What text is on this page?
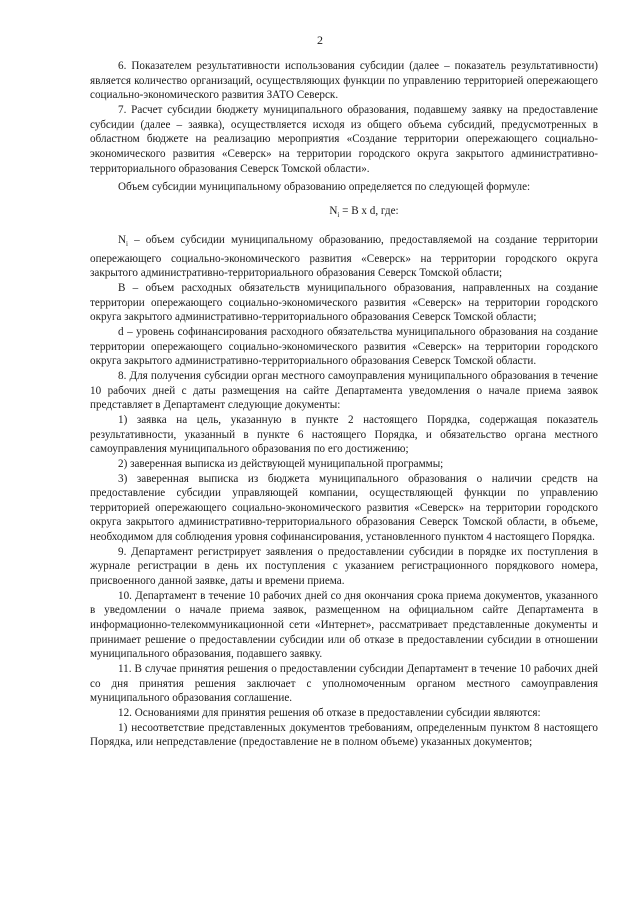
2

6. Показателем результативности использования субсидии (далее – показатель результативности) является количество организаций, осуществляющих функции по управлению территорией опережающего социально-экономического развития ЗАТО Северск.

7. Расчет субсидии бюджету муниципального образования, подавшему заявку на предоставление субсидии (далее – заявка), осуществляется исходя из общего объема субсидий, предусмотренных в областном бюджете на реализацию мероприятия «Создание территории опережающего социально-экономического развития «Северск» на территории городского округа закрытого административно-территориального образования Северск Томской области».

Объем субсидии муниципальному образованию определяется по следующей формуле:

$N_i = B$ x d, где:

$N_i$ – объем субсидии муниципальному образованию, предоставляемой на создание территории опережающего социально-экономического развития «Северск» на территории городского округа закрытого административно-территориального образования Северск Томской области;

B – объем расходных обязательств муниципального образования, направленных на создание территории опережающего социально-экономического развития «Северск» на территории городского округа закрытого административно-территориального образования Северск Томской области;

d – уровень софинансирования расходного обязательства муниципального образования на создание территории опережающего социально-экономического развития «Северск» на территории городского округа закрытого административно-территориального образования Северск Томской области.

8. Для получения субсидии орган местного самоуправления муниципального образования в течение 10 рабочих дней с даты размещения на сайте Департамента уведомления о начале приема заявок представляет в Департамент следующие документы:

1) заявка на цель, указанную в пункте 2 настоящего Порядка, содержащая показатель результативности, указанный в пункте 6 настоящего Порядка, и обязательство органа местного самоуправления муниципального образования по его достижению;

2) заверенная выписка из действующей муниципальной программы;

3) заверенная выписка из бюджета муниципального образования о наличии средств на предоставление субсидии управляющей компании, осуществляющей функции по управлению территорией опережающего социально-экономического развития «Северск» на территории городского округа закрытого административно-территориального образования Северск Томской области, в объеме, необходимом для соблюдения уровня софинансирования, установленного пунктом 4 настоящего Порядка.

9. Департамент регистрирует заявления о предоставлении субсидии в порядке их поступления в журнале регистрации в день их поступления с указанием регистрационного порядкового номера, присвоенного данной заявке, даты и времени приема.

10. Департамент в течение 10 рабочих дней со дня окончания срока приема документов, указанного в уведомлении о начале приема заявок, размещенном на официальном сайте Департамента в информационно-телекоммуникационной сети «Интернет», рассматривает представленные документы и принимает решение о предоставлении субсидии или об отказе в предоставлении субсидии в отношении муниципального образования, подавшего заявку.

11. В случае принятия решения о предоставлении субсидии Департамент в течение 10 рабочих дней со дня принятия решения заключает с уполномоченным органом местного самоуправления муниципального образования соглашение.

12. Основаниями для принятия решения об отказе в предоставлении субсидии являются:

1) несоответствие представленных документов требованиям, определенным пунктом 8 настоящего Порядка, или непредставление (предоставление не в полном объеме) указанных документов;
